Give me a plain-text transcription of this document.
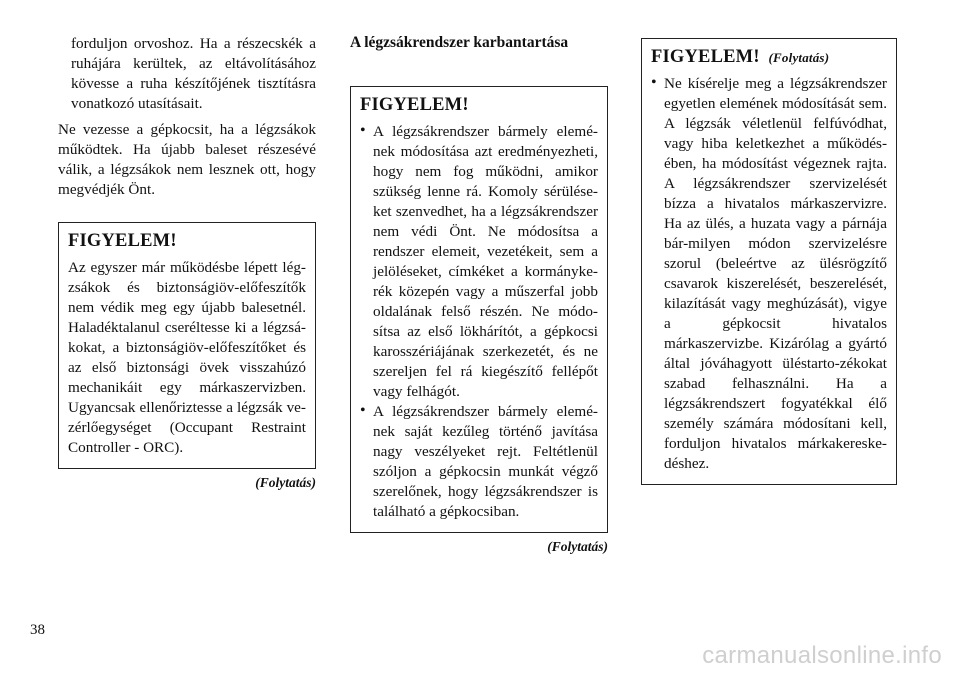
forduljon orvoshoz. Ha a részecskék a ruhájára kerültek, az eltávolításához kövesse a ruha készítőjének tisztításra vonatkozó utasításait.

Ne vezesse a gépkocsit, ha a légzsákok működtek. Ha újabb baleset részesévé válik, a légzsákok nem lesznek ott, hogy megvédjék Önt.

FIGYELEM!

Az egyszer már működésbe lépett lég-zsákok és biztonságiöv-előfeszítők nem védik meg egy újabb balesetnél. Haladéktalanul cseréltesse ki a légzsá-kokat, a biztonságiöv-előfeszítőket és az első biztonsági övek visszahúzó mechanikáit egy márkaszervizben. Ugyancsak ellenőriztesse a légzsák ve-zérlőegységet (Occupant Restraint Controller - ORC).

(Folytatás)
A légzsákrendszer karbantartása
FIGYELEM!
• A légzsákrendszer bármely elemé-nek módosítása azt eredményezheti, hogy nem fog működni, amikor szükség lenne rá. Komoly sérülése-ket szenvedhet, ha a légzsákrendszer nem védi Önt. Ne módosítsa a rendszer elemeit, vezetékeit, sem a jelöléseket, címkéket a kormányke-rék közepén vagy a műszerfal jobb oldalának felső részén. Ne módo-sítsa az első lökhárítót, a gépkocsi karosszériájának szerkezetét, és ne szereljen fel rá kiegészítő fellépőt vagy felhágót.

• A légzsákrendszer bármely elemé-nek saját kezűleg történő javítása nagy veszélyeket rejt. Feltétlenül szóljon a gépkocsin munkát végző szerelőnek, hogy légzsákrendszer is található a gépkocsiban.

(Folytatás)
FIGYELEM! (Folytatás)
• Ne kísérelje meg a légzsákrendszer egyetlen elemének módosítását sem. A légzsák véletlenül felfúvódhat, vagy hiba keletkezhet a működés-ében, ha módosítást végeznek rajta. A légzsákrendszer szervizelését bízza a hivatalos márkaszervizre. Ha az ülés, a huzata vagy a párnája bár-milyen módon szervizelésre szorul (beleértve az ülésrögzítő csavarok kiszerelését, beszerelését, kilazítását vagy meghúzását), vigye a gépkocsit hivatalos márkaszervizbe. Kizárólag a gyártó által jóváhagyott üléstarto-zékokat szabad felhasználni. Ha a légzsákrendszert fogyatékkal élő személy számára módosítani kell, forduljon hivatalos márkakereske-déshez.

38
carmanualsonline.info
